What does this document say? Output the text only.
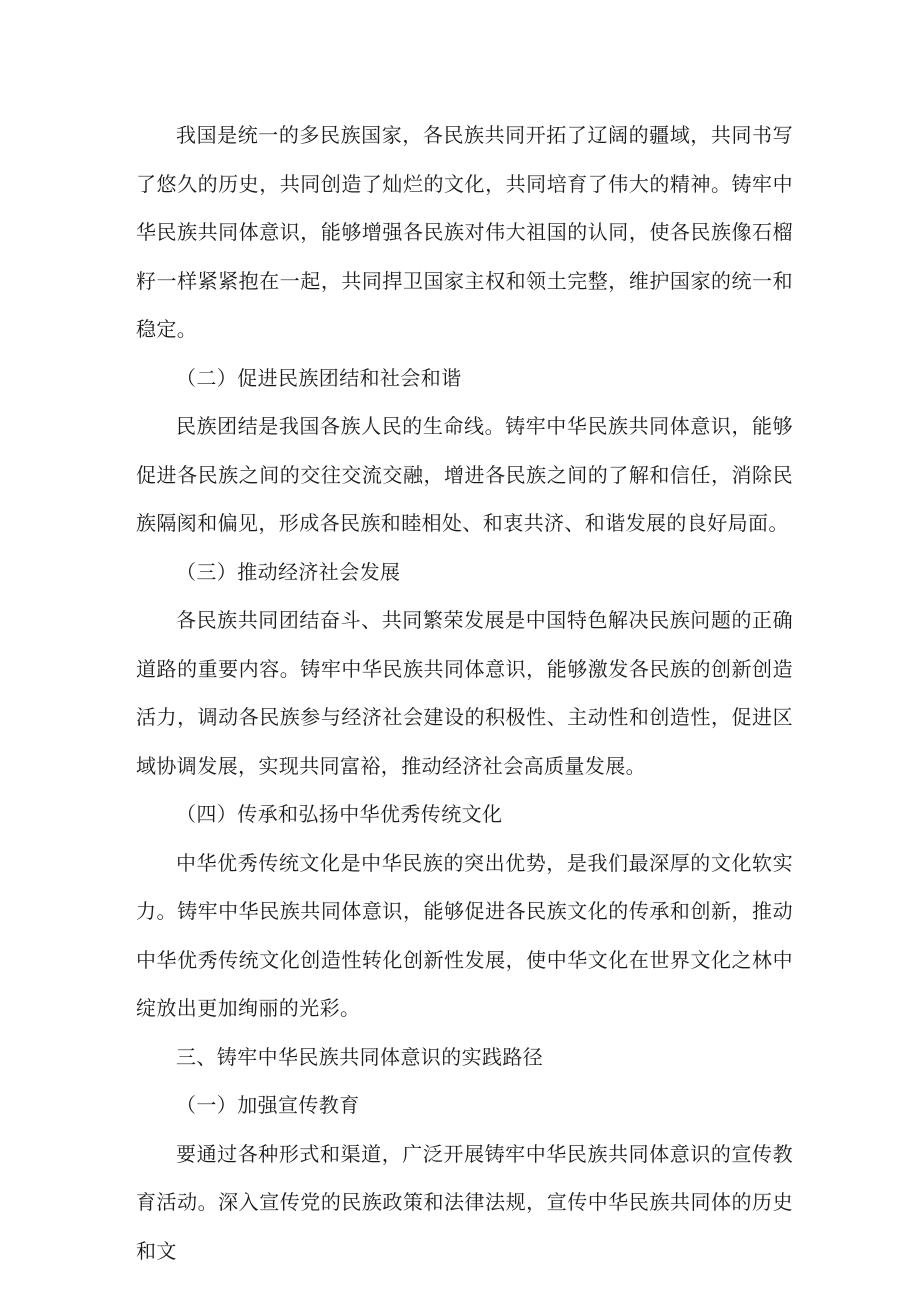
我国是统一的多民族国家，各民族共同开拓了辽阔的疆域，共同书写了悠久的历史，共同创造了灿烂的文化，共同培育了伟大的精神。铸牢中华民族共同体意识，能够增强各民族对伟大祖国的认同，使各民族像石榴籽一样紧紧抱在一起，共同捍卫国家主权和领土完整，维护国家的统一和稳定。

（二）促进民族团结和社会和谐

民族团结是我国各族人民的生命线。铸牢中华民族共同体意识，能够促进各民族之间的交往交流交融，增进各民族之间的了解和信任，消除民族隔阂和偏见，形成各民族和睦相处、和衷共济、和谐发展的良好局面。

（三）推动经济社会发展

各民族共同团结奋斗、共同繁荣发展是中国特色解决民族问题的正确道路的重要内容。铸牢中华民族共同体意识，能够激发各民族的创新创造活力，调动各民族参与经济社会建设的积极性、主动性和创造性，促进区域协调发展，实现共同富裕，推动经济社会高质量发展。

（四）传承和弘扬中华优秀传统文化

中华优秀传统文化是中华民族的突出优势，是我们最深厚的文化软实力。铸牢中华民族共同体意识，能够促进各民族文化的传承和创新，推动中华优秀传统文化创造性转化创新性发展，使中华文化在世界文化之林中绽放出更加绚丽的光彩。

三、铸牢中华民族共同体意识的实践路径

（一）加强宣传教育

要通过各种形式和渠道，广泛开展铸牢中华民族共同体意识的宣传教育活动。深入宣传党的民族政策和法律法规，宣传中华民族共同体的历史和文
